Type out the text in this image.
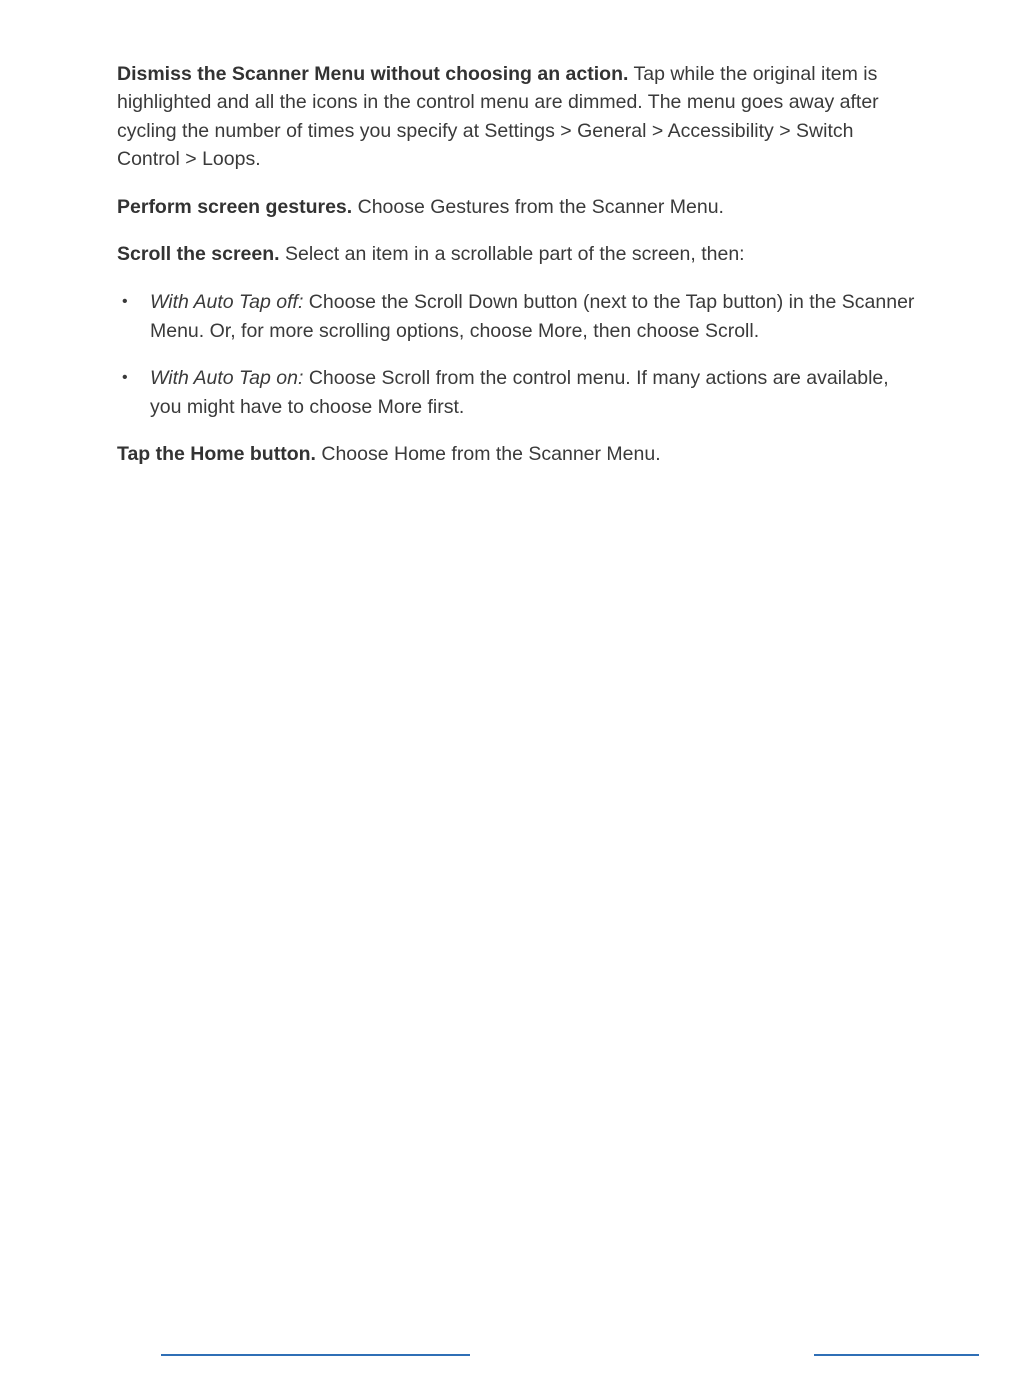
Dismiss the Scanner Menu without choosing an action. Tap while the original item is highlighted and all the icons in the control menu are dimmed. The menu goes away after cycling the number of times you specify at Settings > General > Accessibility > Switch Control > Loops.

Perform screen gestures. Choose Gestures from the Scanner Menu.

Scroll the screen. Select an item in a scrollable part of the screen, then:

• With Auto Tap off: Choose the Scroll Down button (next to the Tap button) in the Scanner Menu. Or, for more scrolling options, choose More, then choose Scroll.
• With Auto Tap on: Choose Scroll from the control menu. If many actions are available, you might have to choose More first.

Tap the Home button. Choose Home from the Scanner Menu.
